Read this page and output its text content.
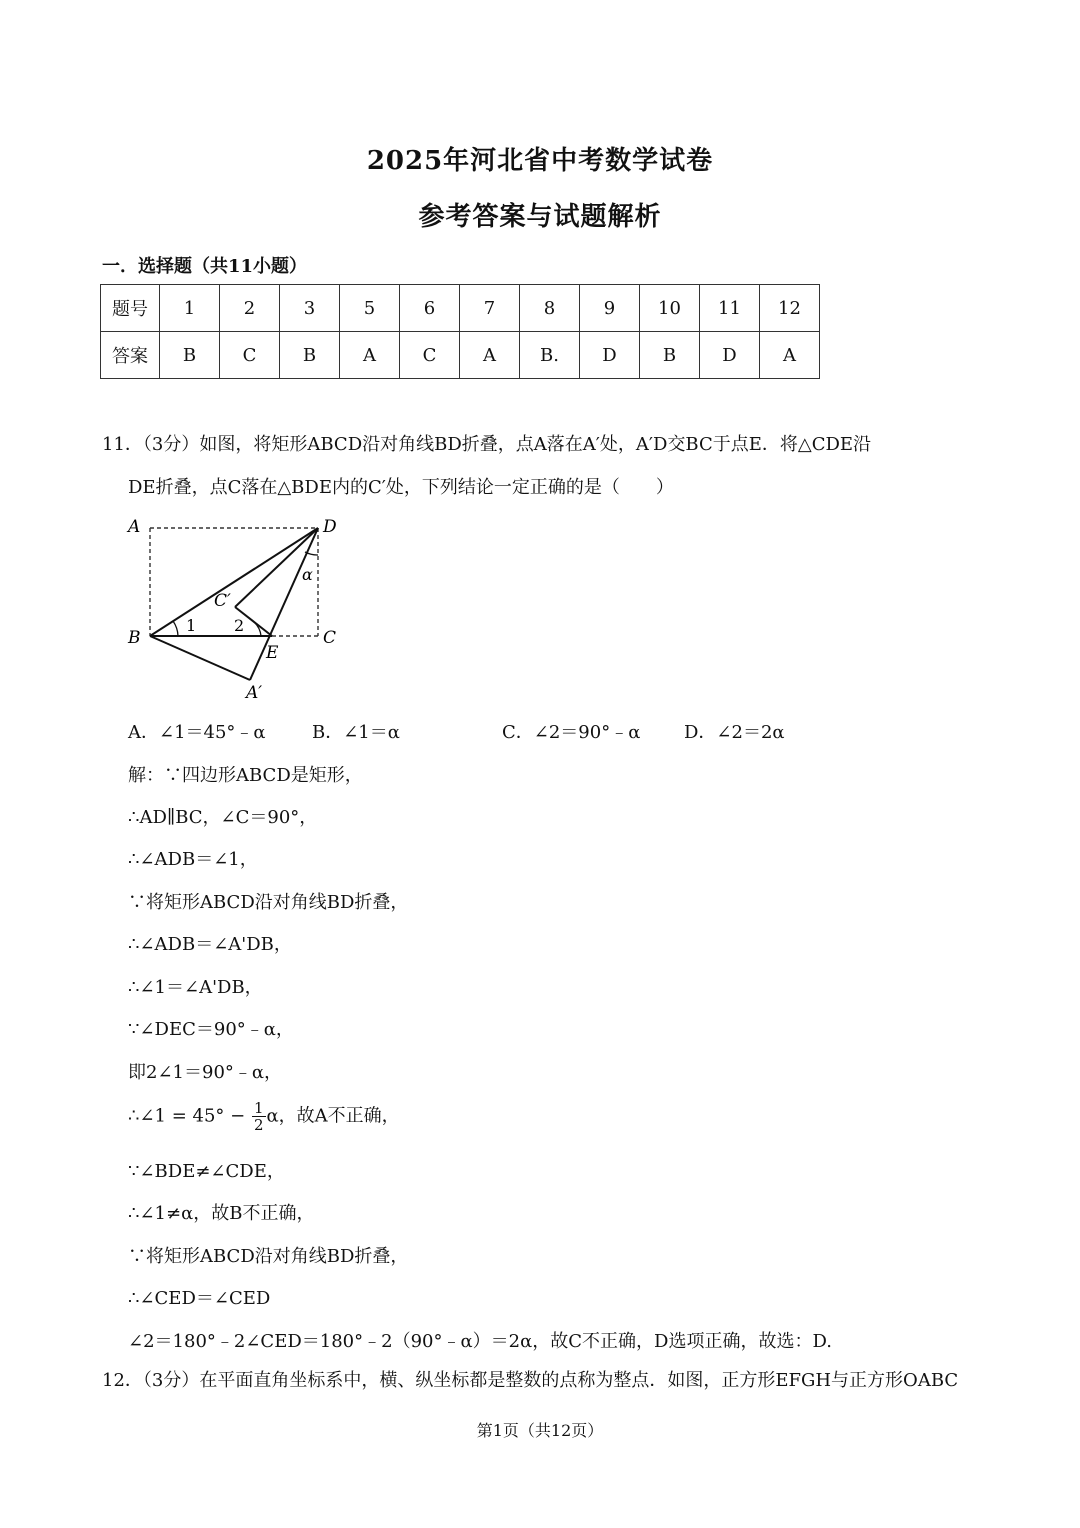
2025年河北省中考数学试卷
参考答案与试题解析
一．选择题（共11小题）
题号	1	2	3	5	6	7	8	9	10	11	12
答案	B	C	B	A	C	A	B.	D	B	D	A
11．（3分）如图，将矩形ABCD沿对角线BD折叠，点A落在A′处，A′D交BC于点E．将△CDE沿
DE折叠，点C落在△BDE内的C′处，下列结论一定正确的是（　　）
A	D
B	C
E
A′
C′
1 2
α
A．∠1＝45°﹣α	B．∠1＝α	C．∠2＝90°﹣α D．∠2＝2α
解：∵四边形ABCD是矩形，
∴AD∥BC，∠C＝90°，
∴∠ADB＝∠1，
∵将矩形ABCD沿对角线BD折叠，
∴∠ADB＝∠A'DB，
∴∠1＝∠A'DB，
∵∠DEC＝90°﹣α，
即2∠1＝90°﹣α，
∴∠1 = $45^\circ - \frac{1}{2}$ α，故A不正确，
∵∠BDE≠∠CDE，
∴∠1≠α，故B不正确，
∵将矩形ABCD沿对角线BD折叠，
∴∠CED＝∠CED
∠2＝180°﹣2∠CED＝180°﹣2（90°﹣α）＝2α，故C不正确，D选项正确，故选：D.
12．（3分）在平面直角坐标系中，横、纵坐标都是整数的点称为整点．如图，正方形EFGH与正方形OABC
第1页（共12页）
